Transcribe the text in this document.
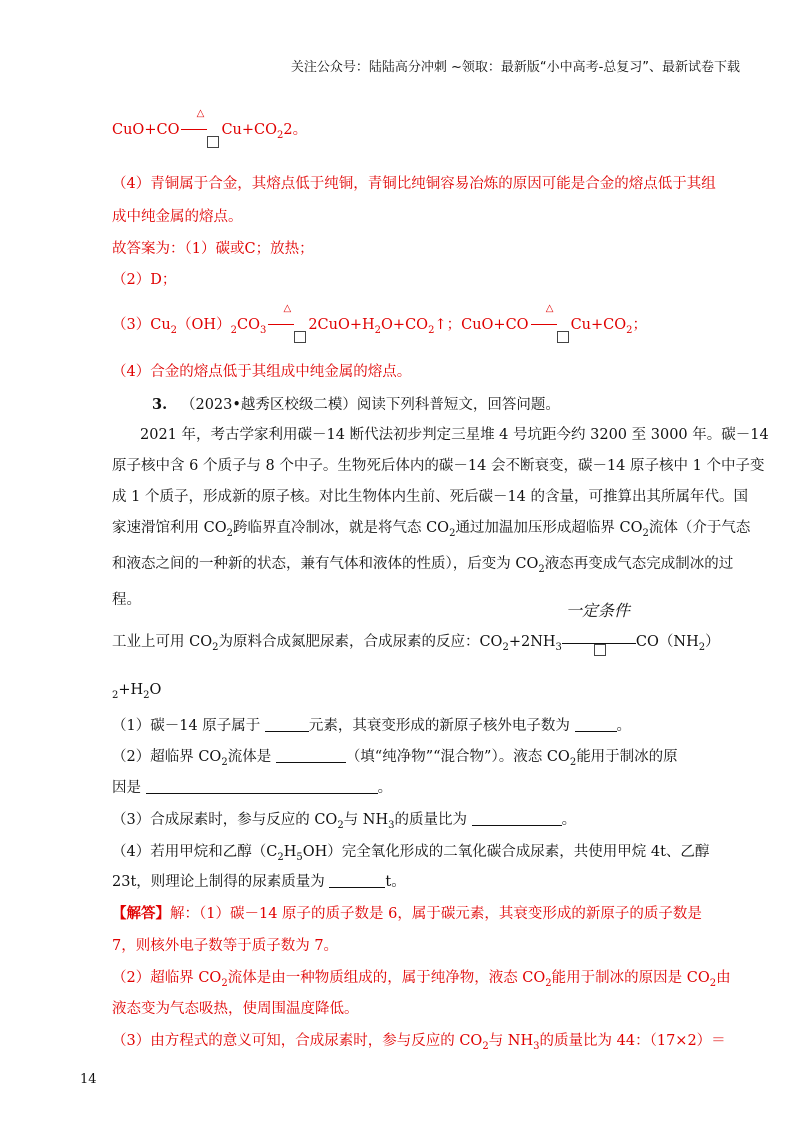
关注公众号：陆陆高分冲刺 ~领取：最新版“小中高考-总复习”、最新试卷下载
CuO+CO
△
$Cu+CO_22$。
（4）青铜属于合金，其熔点低于纯铜，青铜比纯铜容易冶炼的原因可能是合金的熔点低于其组
成中纯金属的熔点。
故答案为：（1）碳或C；放热；
（2）D；
$(3)Cu_2(OH)_2CO_3$
△
$2CuO+H_2O+CO_2↑$；CuO+CO
△
$Cu+CO_2$；
（4）合金的熔点低于其组成中纯金属的熔点。
3. （2023•越秀区校级二模）阅读下列科普短文，回答问题。
2021 年，考古学家利用碳－14 断代法初步判定三星堆 4 号坑距今约 3200 至 3000 年。碳－14
原子核中含 6 个质子与 8 个中子。生物死后体内的碳－14 会不断衰变，碳－14 原子核中 1 个中子变
成 1 个质子，形成新的原子核。对比生物体内生前、死后碳－14 的含量，可推算出其所属年代。国
家速滑馆利用 $CO_2$跨临界直冷制冰，就是将气态 $CO_2$通过加温加压形成超临界 $CO_2$流体（介于气态
和液态之间的一种新的状态，兼有气体和液体的性质），后变为 $CO_2$液态再变成气态完成制冰的过
程。
工业上可用 $CO_2$为原料合成氮肥尿素，合成尿素的反应：$CO_2+2NH_3$
一定条件
$CO(NH_2)$
$_2+H_2O$
（1）碳－14 原子属于	元素，其衰变形成的新原子核外电子数为	。
（2）超临界 $CO_2$流体是	（填“纯净物”“混合物”）。液态 $CO_2$能用于制冰的原
因是	。
（3）合成尿素时，参与反应的 $CO_2$与 $NH_3$的质量比为	。
（4）若用甲烷和乙醇$(C_2H_5OH)$完全氧化形成的二氧化碳合成尿素，共使用甲烷 4t、乙醇
23t，则理论上制得的尿素质量为	t。
【解答】解：（1）碳－14 原子的质子数是 6，属于碳元素，其衰变形成的新原子的质子数是
7，则核外电子数等于质子数为 7。
（2）超临界 $CO_2$流体是由一种物质组成的，属于纯净物，液态 $CO_2$能用于制冰的原因是 $CO_2$由
液态变为气态吸热，使周围温度降低。
（3）由方程式的意义可知，合成尿素时，参与反应的 $CO_2$与 $NH_3$的质量比为 44：（17×2）＝
14
